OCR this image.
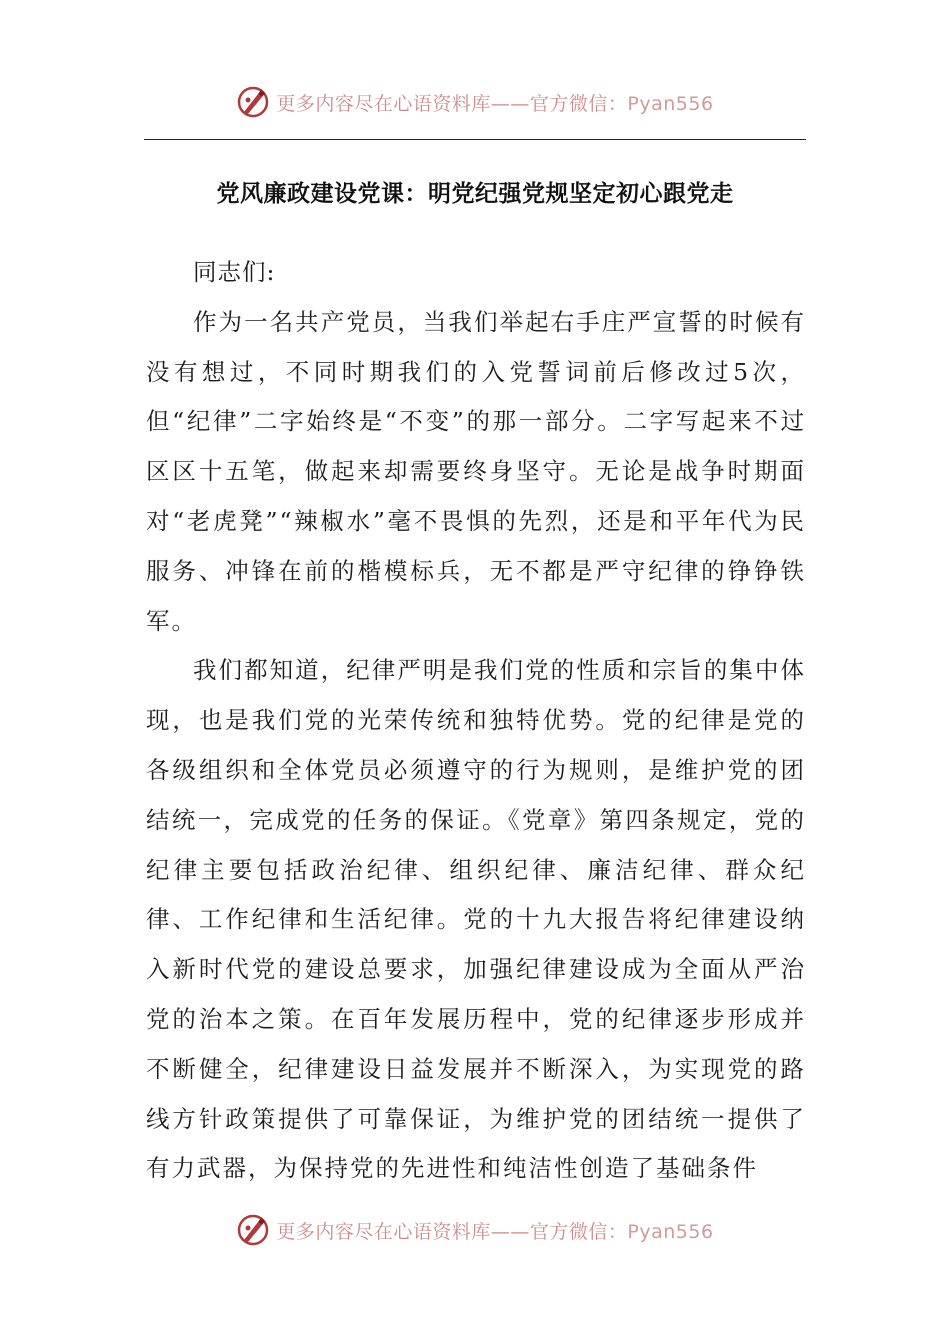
更多内容尽在心语资料库——官方微信：Pyan556
党风廉政建设党课：明党纪强党规坚定初心跟党走

同志们:

作为一名共产党员，当我们举起右手庄严宣誓的时候有没有想过，不同时期我们的入党誓词前后修改过5次，但“纪律”二字始终是“不变”的那一部分。二字写起来不过区区十五笔，做起来却需要终身坚守。无论是战争时期面对“老虎凳”“辣椒水”毫不畏惧的先烈，还是和平年代为民服务、冲锋在前的楷模标兵，无不都是严守纪律的铮铮铁军。

我们都知道，纪律严明是我们党的性质和宗旨的集中体现，也是我们党的光荣传统和独特优势。党的纪律是党的各级组织和全体党员必须遵守的行为规则，是维护党的团结统一，完成党的任务的保证。《党章》第四条规定，党的纪律主要包括政治纪律、组织纪律、廉洁纪律、群众纪律、工作纪律和生活纪律。党的十九大报告将纪律建设纳入新时代党的建设总要求，加强纪律建设成为全面从严治党的治本之策。在百年发展历程中，党的纪律逐步形成并不断健全，纪律建设日益发展并不断深入，为实现党的路线方针政策提供了可靠保证，为维护党的团结统一提供了有力武器，为保持党的先进性和纯洁性创造了基础条件

更多内容尽在心语资料库——官方微信：Pyan556
